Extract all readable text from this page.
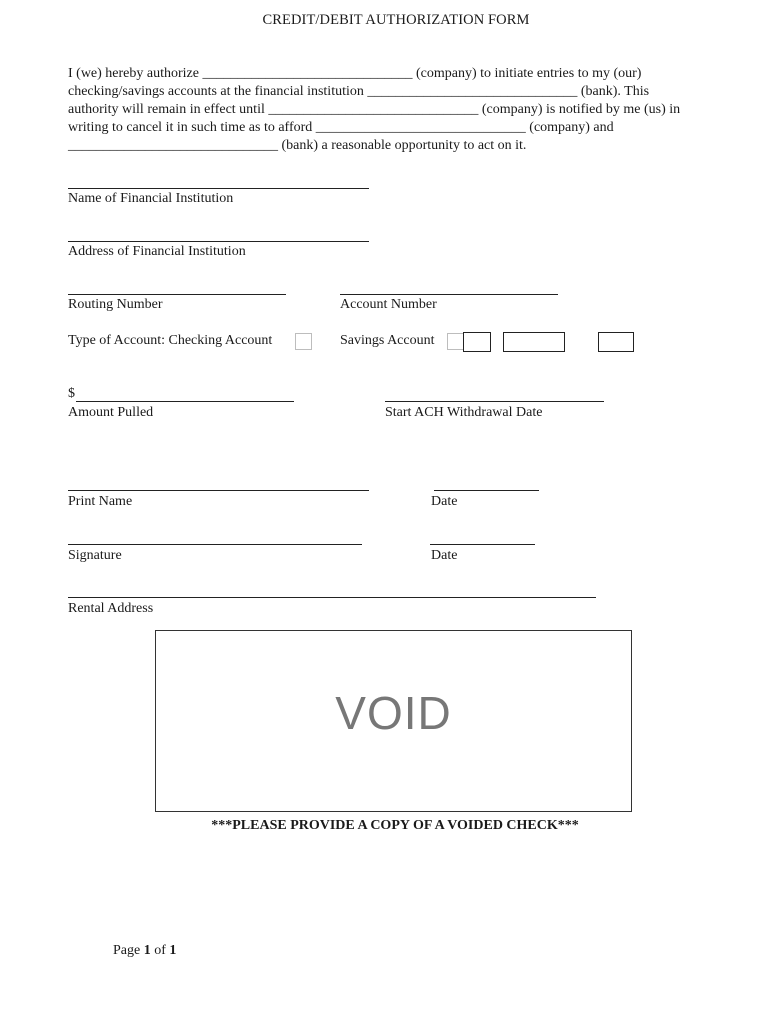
CREDIT/DEBIT AUTHORIZATION FORM
I (we) hereby authorize ______________________________ (company) to initiate entries to my (our)
checking/savings accounts at the financial institution ______________________________ (bank). This
authority will remain in effect until ______________________________ (company) is notified by me (us) in
writing to cancel it in such time as to afford ______________________________ (company) and
______________________________ (bank) a reasonable opportunity to act on it.
Name of Financial Institution
Address of Financial Institution
Routing Number	Account Number
Type of Account: Checking Account	Savings Account
$
Amount Pulled	Start ACH Withdrawal Date
Print Name	Date
Signature	Date
Rental Address
VOID
***PLEASE PROVIDE A COPY OF A VOIDED CHECK***
Page 1 of 1
